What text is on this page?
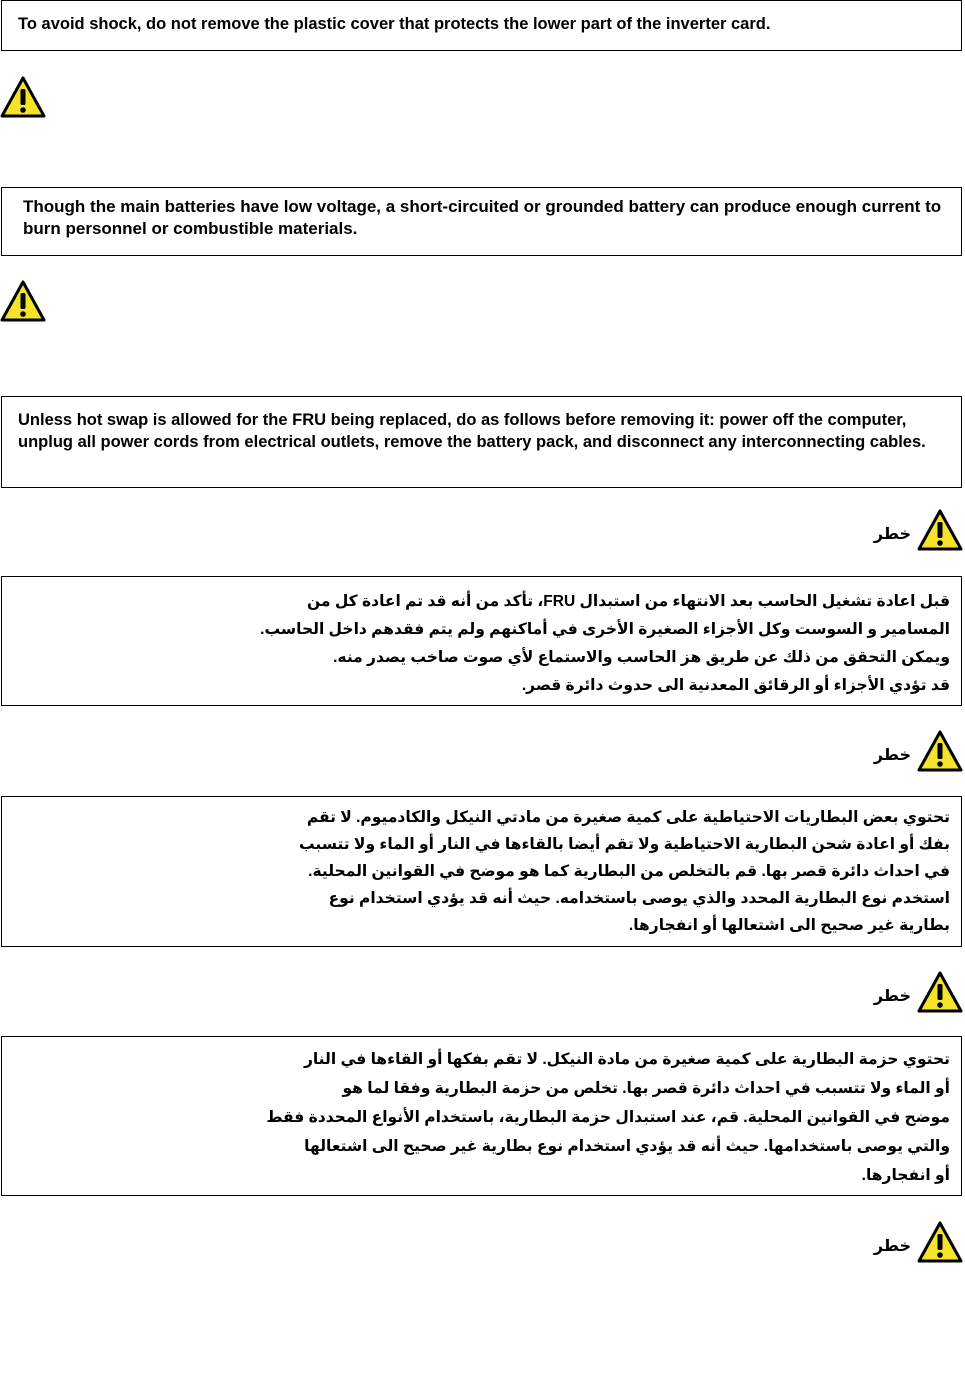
To avoid shock, do not remove the plastic cover that protects the lower part of the inverter card.
Though the main batteries have low voltage, a short-circuited or grounded battery can produce enough current to burn personnel or combustible materials.
Unless hot swap is allowed for the FRU being replaced, do as follows before removing it: power off the computer, unplug all power cords from electrical outlets, remove the battery pack, and disconnect any interconnecting cables.
خطر

قبل اعادة تشغيل الحاسب بعد الانتهاء من استبدال FRU، تأكد من أنه قد تم اعادة كل من

المسامير و السوست وكل الأجزاء الصغيرة الأخرى في أماكنهم ولم يتم فقدهم داخل الحاسب.

ويمكن التحقق من ذلك عن طريق هز الحاسب والاستماع لأي صوت صاخب يصدر منه.

قد تؤدي الأجزاء أو الرقائق المعدنية الى حدوث دائرة قصر.

خطر

تحتوي بعض البطاريات الاحتياطية على كمية صغيرة من مادتي النيكل والكادميوم. لا تقم

بفك أو اعادة شحن البطارية الاحتياطية ولا تقم أيضا بالقاءها في النار أو الماء ولا تتسبب

في احداث دائرة قصر بها. قم بالتخلص من البطارية كما هو موضح في القوانين المحلية.

استخدم نوع البطارية المحدد والذي يوصى باستخدامه. حيث أنه قد يؤدي استخدام نوع

بطارية غير صحيح الى اشتعالها أو انفجارها.

خطر

تحتوي حزمة البطارية على كمية صغيرة من مادة النيكل. لا تقم بفكها أو القاءها في النار

أو الماء ولا تتسبب في احداث دائرة قصر بها. تخلص من حزمة البطارية وفقا لما هو

موضح في القوانين المحلية. قم، عند استبدال حزمة البطارية، باستخدام الأنواع المحددة فقط

والتي يوصى باستخدامها. حيث أنه قد يؤدي استخدام نوع بطارية غير صحيح الى اشتعالها

أو انفجارها.

خطر
